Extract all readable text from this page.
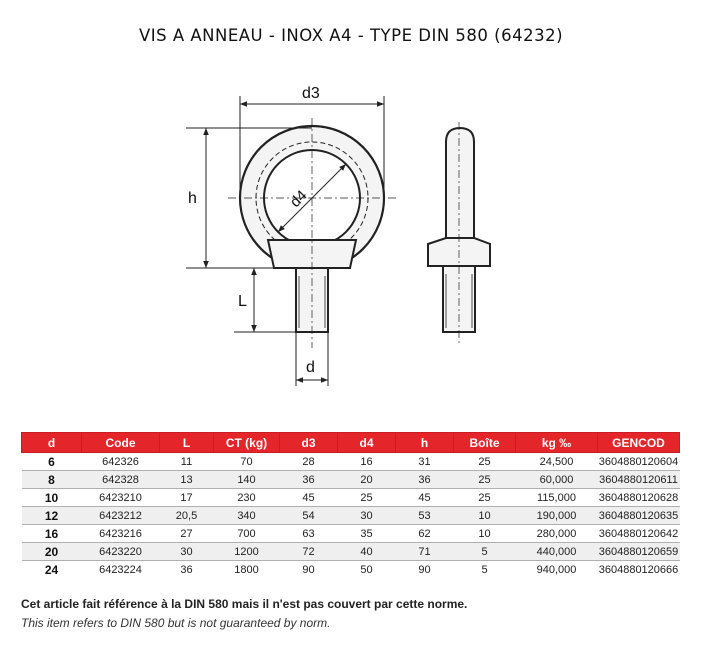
VIS A ANNEAU - INOX A4 - TYPE DIN 580 (64232)
d3
d4
h
L
d
d	Code	L	CT (kg)	d3	d4	h	Boîte	kg ‰	GENCOD
6	642326	11	70	28	16	31	25	24,500	3604880120604
8	642328	13	140	36	20	36	25	60,000	3604880120611
10	6423210	17	230	45	25	45	25	115,000	3604880120628
12	6423212	20,5	340	54	30	53	10	190,000	3604880120635
16	6423216	27	700	63	35	62	10	280,000	3604880120642
20	6423220	30	1200	72	40	71	5	440,000	3604880120659
24	6423224	36	1800	90	50	90	5	940,000	3604880120666
Cet article fait référence à la DIN 580 mais il n'est pas couvert par cette norme.
This item refers to DIN 580 but is not guaranteed by norm.
